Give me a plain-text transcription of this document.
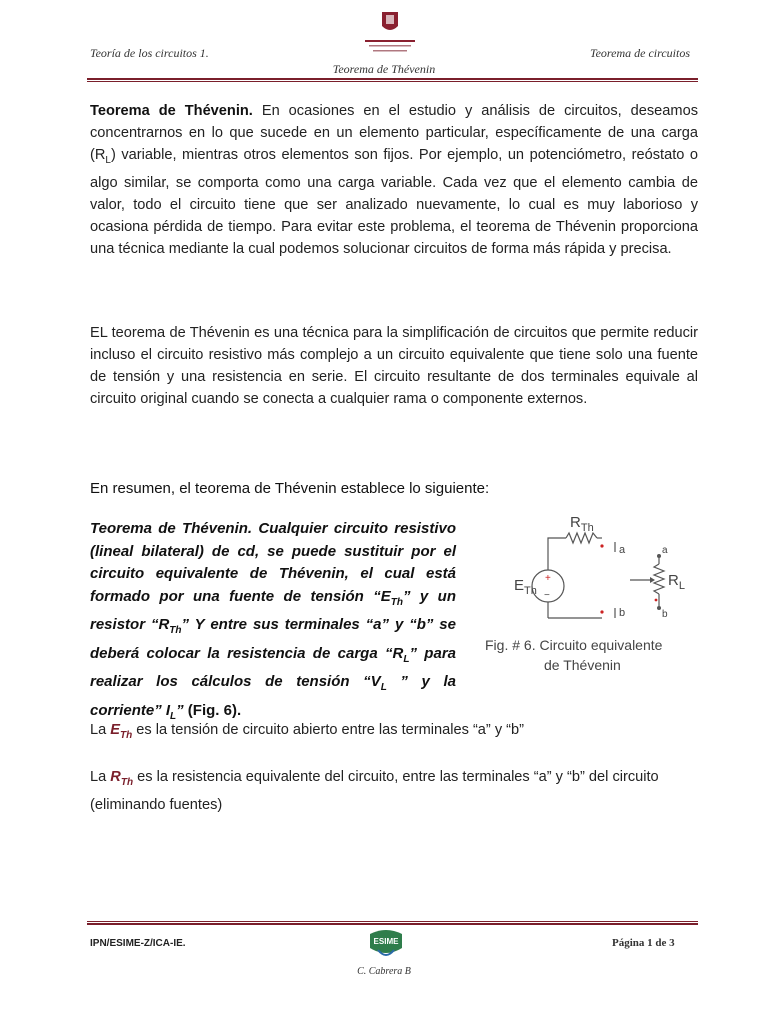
Teoría de los circuitos 1.	Teorema de circuitos
Teorema de Thévenin
Teorema de Thévenin. En ocasiones en el estudio y análisis de circuitos, deseamos concentrarnos en lo que sucede en un elemento particular, específicamente de una carga $(R_L)$ variable, mientras otros elementos son fijos. Por ejemplo, un potenciómetro, reóstato o algo similar, se comporta como una carga variable. Cada vez que el elemento cambia de valor, todo el circuito tiene que ser analizado nuevamente, lo cual es muy laborioso y ocasiona pérdida de tiempo. Para evitar este problema, el teorema de Thévenin proporciona una técnica mediante la cual podemos solucionar circuitos de forma más rápida y precisa.
EL teorema de Thévenin es una técnica para la simplificación de circuitos que permite reducir incluso el circuito resistivo más complejo a un circuito equivalente que tiene solo una fuente de tensión y una resistencia en serie. El circuito resultante de dos terminales equivale al circuito original cuando se conecta a cualquier rama o componente externos.
En resumen, el teorema de Thévenin establece lo siguiente:
Teorema de Thévenin. Cualquier circuito resistivo (lineal bilateral) de cd, se puede sustituir por el circuito equivalente de Thévenin, el cual está formado por una fuente de tensión “$E_{Th}$” y un resistor “$R_{Th}$” Y entre sus terminales “a” y “b” se deberá colocar la resistencia de carga “$R_L$” para realizar los cálculos de tensión “$V_L$ ” y la corriente” $I_L$” (Fig. 6).
$R_{Th}$
$E_{Th}$
+
−
a
b
a
b
$R_L$
Fig. # 6. Circuito equivalente
de Thévenin
La $E_{Th}$ es la tensión de circuito abierto entre las terminales “a” y “b”
La $R_{Th}$ es la resistencia equivalente del circuito, entre las terminales “a” y “b” del circuito (eliminando fuentes)
IPN/ESIME-Z/ICA-IE.	ESIME	Página 1 de 3
C. Cabrera B
